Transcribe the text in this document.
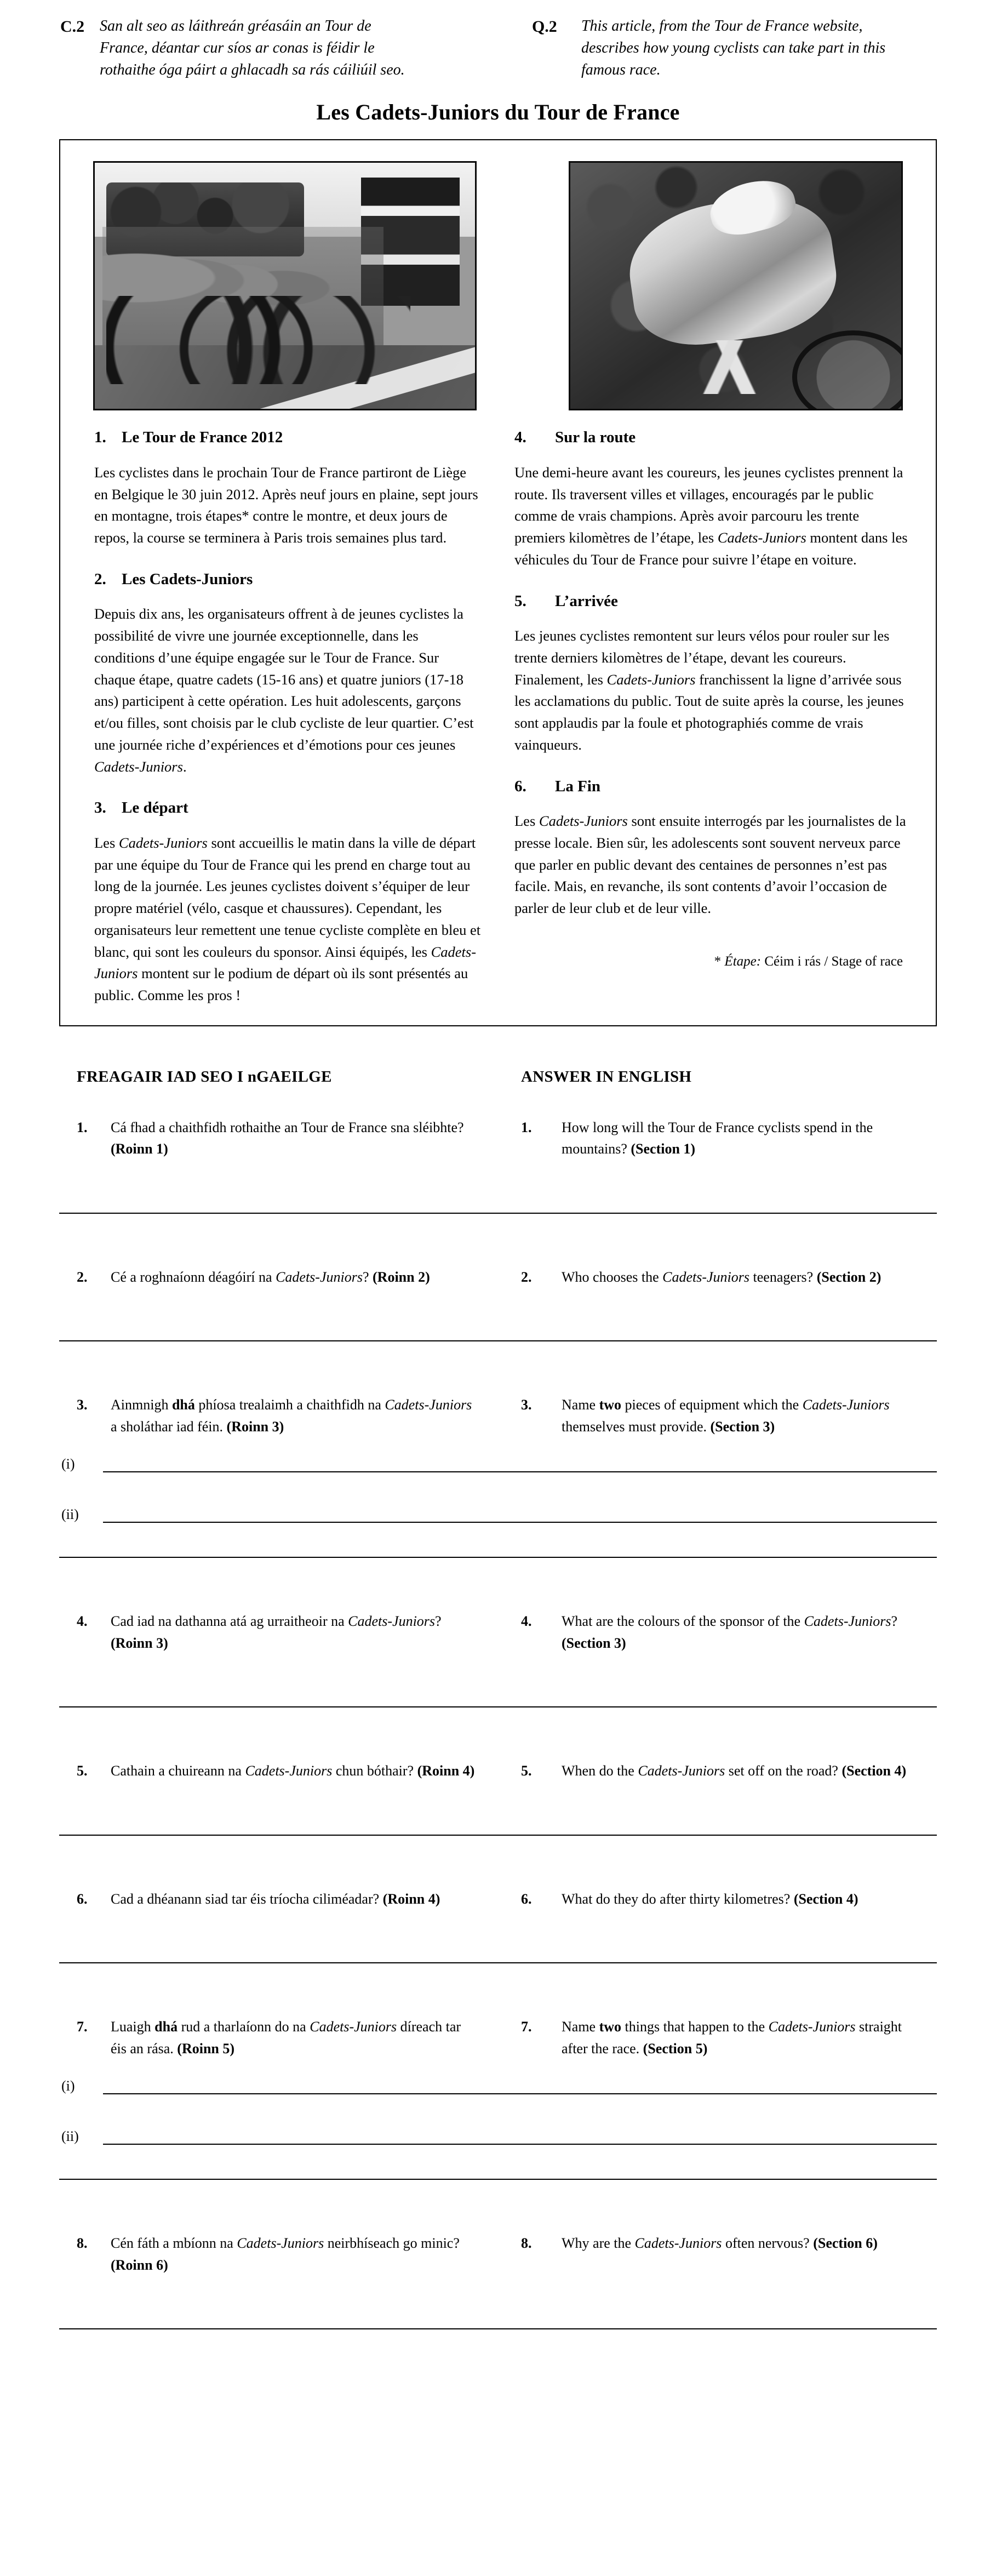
C.2 San alt seo as láithreán gréasáin an Tour de France, déantar cur síos ar conas is féidir le rothaithe óga páirt a ghlacadh sa rás cáiliúil seo.
Q.2	This article, from the Tour de France website, describes how young cyclists can take part in this famous race.
Les Cadets-Juniors du Tour de France
1. Le Tour de France 2012

Les cyclistes dans le prochain Tour de France partiront de Liège en Belgique le 30 juin 2012. Après neuf jours en plaine, sept jours en montagne, trois étapes* contre le montre, et deux jours de repos, la course se terminera à Paris trois semaines plus tard.

2. Les Cadets-Juniors

Depuis dix ans, les organisateurs offrent à de jeunes cyclistes la possibilité de vivre une journée exceptionnelle, dans les conditions d’une équipe engagée sur le Tour de France. Sur chaque étape, quatre cadets (15-16 ans) et quatre juniors (17-18 ans) participent à cette opération. Les huit adolescents, garçons et/ou filles, sont choisis par le club cycliste de leur quartier. C’est une journée riche d’expériences et d’émotions pour ces jeunes Cadets-Juniors.

3. Le départ

Les Cadets-Juniors sont accueillis le matin dans la ville de départ par une équipe du Tour de France qui les prend en charge tout au long de la journée. Les jeunes cyclistes doivent s’équiper de leur propre matériel (vélo, casque et chaussures). Cependant, les organisateurs leur remettent une tenue cycliste complète en bleu et blanc, qui sont les couleurs du sponsor. Ainsi équipés, les Cadets-Juniors montent sur le podium de départ où ils sont présentés au public. Comme les pros !

4.	Sur la route

Une demi-heure avant les coureurs, les jeunes cyclistes prennent la route. Ils traversent villes et villages, encouragés par le public comme de vrais champions. Après avoir parcouru les trente premiers kilomètres de l’étape, les Cadets-Juniors montent dans les véhicules du Tour de France pour suivre l’étape en voiture.

5.	L’arrivée

Les jeunes cyclistes remontent sur leurs vélos pour rouler sur les trente derniers kilomètres de l’étape, devant les coureurs. Finalement, les Cadets-Juniors franchissent la ligne d’arrivée sous les acclamations du public. Tout de suite après la course, les jeunes sont applaudis par la foule et photographiés comme de vrais vainqueurs.

6.	La Fin

Les Cadets-Juniors sont ensuite interrogés par les journalistes de la presse locale. Bien sûr, les adolescents sont souvent nerveux parce que parler en public devant des centaines de personnes n’est pas facile. Mais, en revanche, ils sont contents d’avoir l’occasion de parler de leur club et de leur ville.

* Étape: Céim i rás / Stage of race
FREAGAIR IAD SEO I nGAEILGE	ANSWER IN ENGLISH
1.	Cá fhad a chaithfidh rothaithe an Tour de France sna sléibhte? (Roinn 1)
1.	How long will the Tour de France cyclists spend in the mountains? (Section 1)
2.	Cé a roghnaíonn déagóirí na Cadets-Juniors? (Roinn 2)	2.	Who chooses the Cadets-Juniors teenagers? (Section 2)
3.	Ainmnigh dhá phíosa trealaimh a chaithfidh na Cadets-Juniors a sholáthar iad féin. (Roinn 3)
3.	Name two pieces of equipment which the Cadets-Juniors themselves must provide. (Section 3)
(i)
(ii)
4.	Cad iad na dathanna atá ag urraitheoir na Cadets-Juniors? (Roinn 3)
4.	What are the colours of the sponsor of the Cadets-Juniors? (Section 3)
5.	Cathain a chuireann na Cadets-Juniors chun bóthair? (Roinn 4)	5.	When do the Cadets-Juniors set off on the road? (Section 4)
6.	Cad a dhéanann siad tar éis tríocha ciliméadar? (Roinn 4)	6.	What do they do after thirty kilometres? (Section 4)
7.	Luaigh dhá rud a tharlaíonn do na Cadets-Juniors díreach tar éis an rása. (Roinn 5)
7.	Name two things that happen to the Cadets-Juniors straight after the race. (Section 5)
(i)
(ii)
8.	Cén fáth a mbíonn na Cadets-Juniors neirbhíseach go minic? (Roinn 6)
8.	Why are the Cadets-Juniors often nervous? (Section 6)
